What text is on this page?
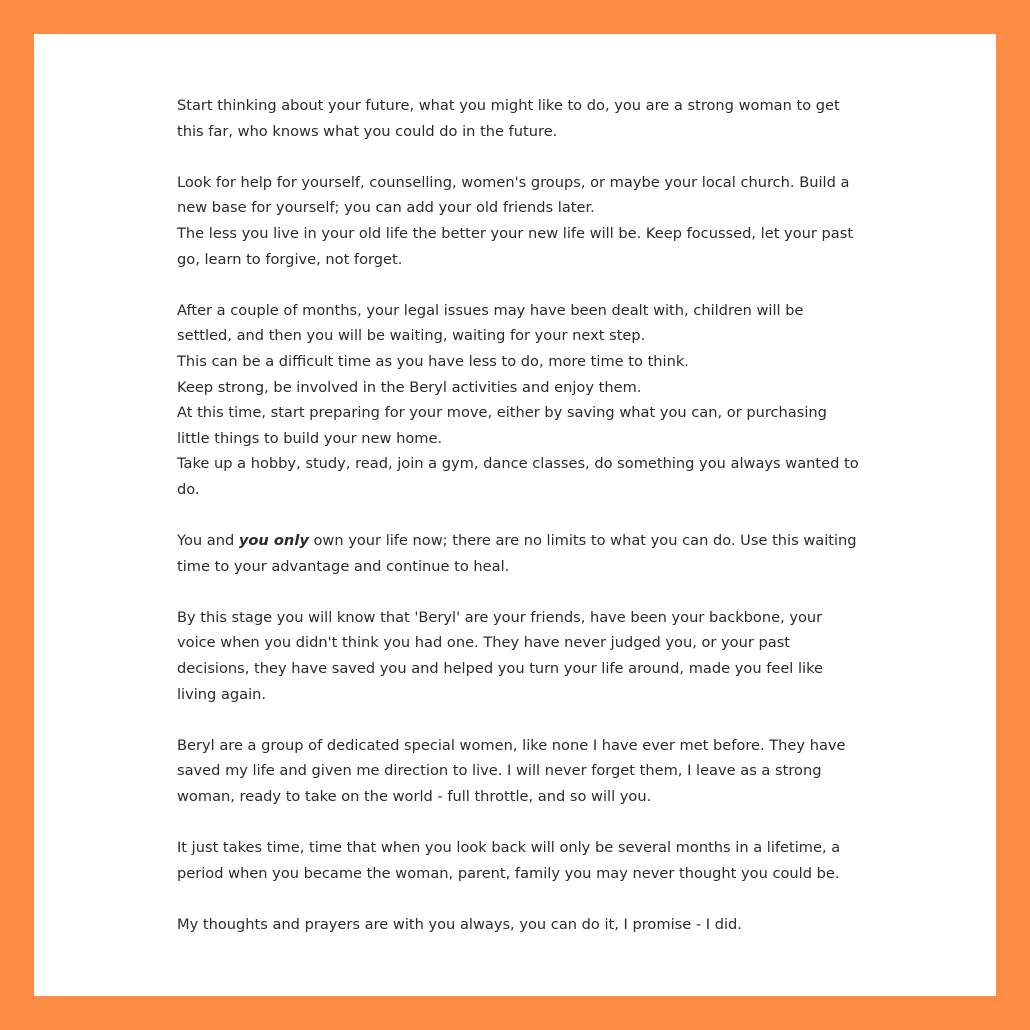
Start thinking about your future, what you might like to do, you are a strong woman to get
this far, who knows what you could do in the future.

Look for help for yourself, counselling, women's groups, or maybe your local church. Build a
new base for yourself; you can add your old friends later.
The less you live in your old life the better your new life will be. Keep focussed, let your past
go, learn to forgive, not forget.

After a couple of months, your legal issues may have been dealt with, children will be
settled, and then you will be waiting, waiting for your next step.
This can be a difficult time as you have less to do, more time to think.
Keep strong, be involved in the Beryl activities and enjoy them.
At this time, start preparing for your move, either by saving what you can, or purchasing
little things to build your new home.
Take up a hobby, study, read, join a gym, dance classes, do something you always wanted to
do.

You and you only own your life now; there are no limits to what you can do. Use this waiting
time to your advantage and continue to heal.

By this stage you will know that 'Beryl' are your friends, have been your backbone, your
voice when you didn't think you had one. They have never judged you, or your past
decisions, they have saved you and helped you turn your life around, made you feel like
living again.

Beryl are a group of dedicated special women, like none I have ever met before. They have
saved my life and given me direction to live. I will never forget them, I leave as a strong
woman, ready to take on the world - full throttle, and so will you.

It just takes time, time that when you look back will only be several months in a lifetime, a
period when you became the woman, parent, family you may never thought you could be.

My thoughts and prayers are with you always, you can do it, I promise - I did.
